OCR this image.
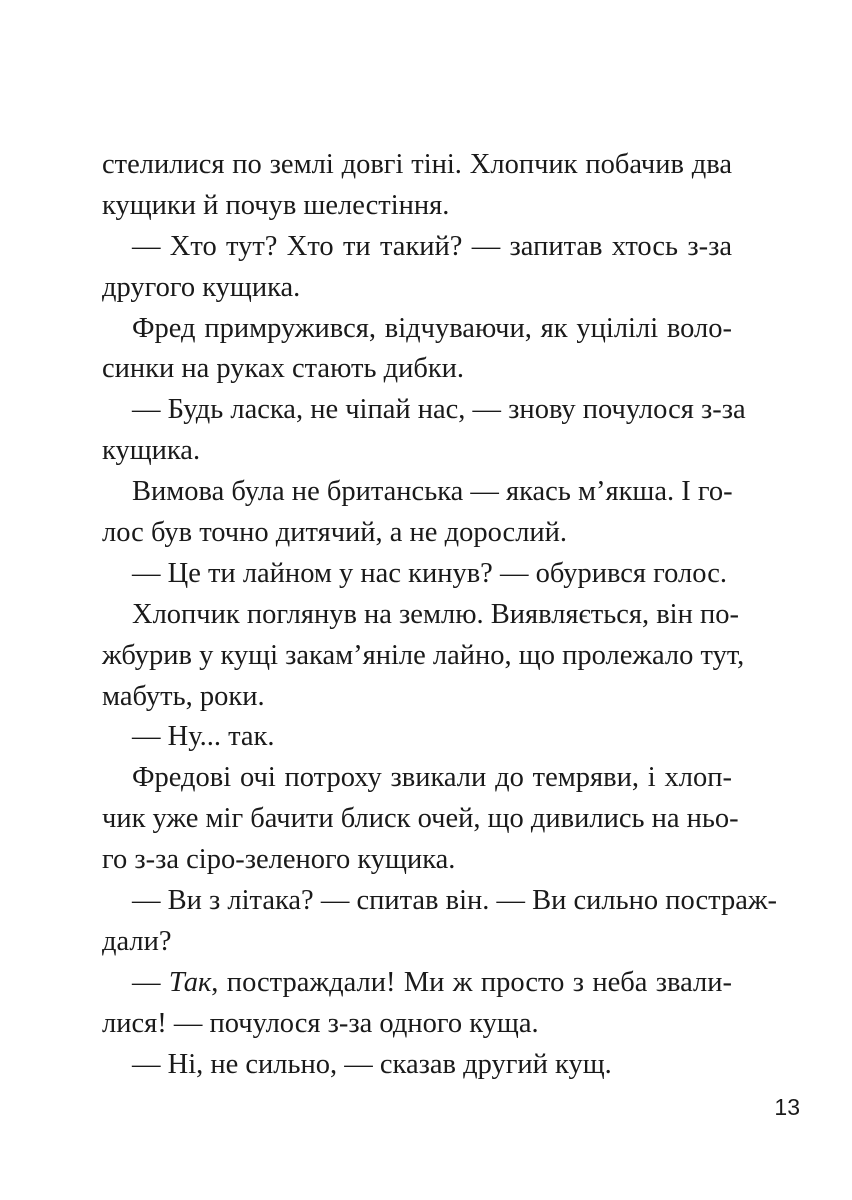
стелилися по землі довгі тіні. Хлопчик побачив два
кущики й почув шелестіння.
— Хто тут? Хто ти такий? — запитав хтось з-за
другого кущика.
Фред примружився, відчуваючи, як уцілілі воло-
синки на руках стають дибки.
— Будь ласка, не чіпай нас, — знову почулося з-за
кущика.
Вимова була не британська — якась м’якша. І го-
лос був точно дитячий, а не дорослий.
— Це ти лайном у нас кинув? — обурився голос.
Хлопчик поглянув на землю. Виявляється, він по-
жбурив у кущі закам’яніле лайно, що пролежало тут,
мабуть, роки.
— Ну... так.
Фредові очі потроху звикали до темряви, і хлоп-
чик уже міг бачити блиск очей, що дивились на ньо-
го з-за сіро-зеленого кущика.
— Ви з літака? — спитав він. — Ви сильно постраж-
дали?
— Так, постраждали! Ми ж просто з неба звали-
лися! — почулося з-за одного куща.
— Ні, не сильно, — сказав другий кущ.
13
